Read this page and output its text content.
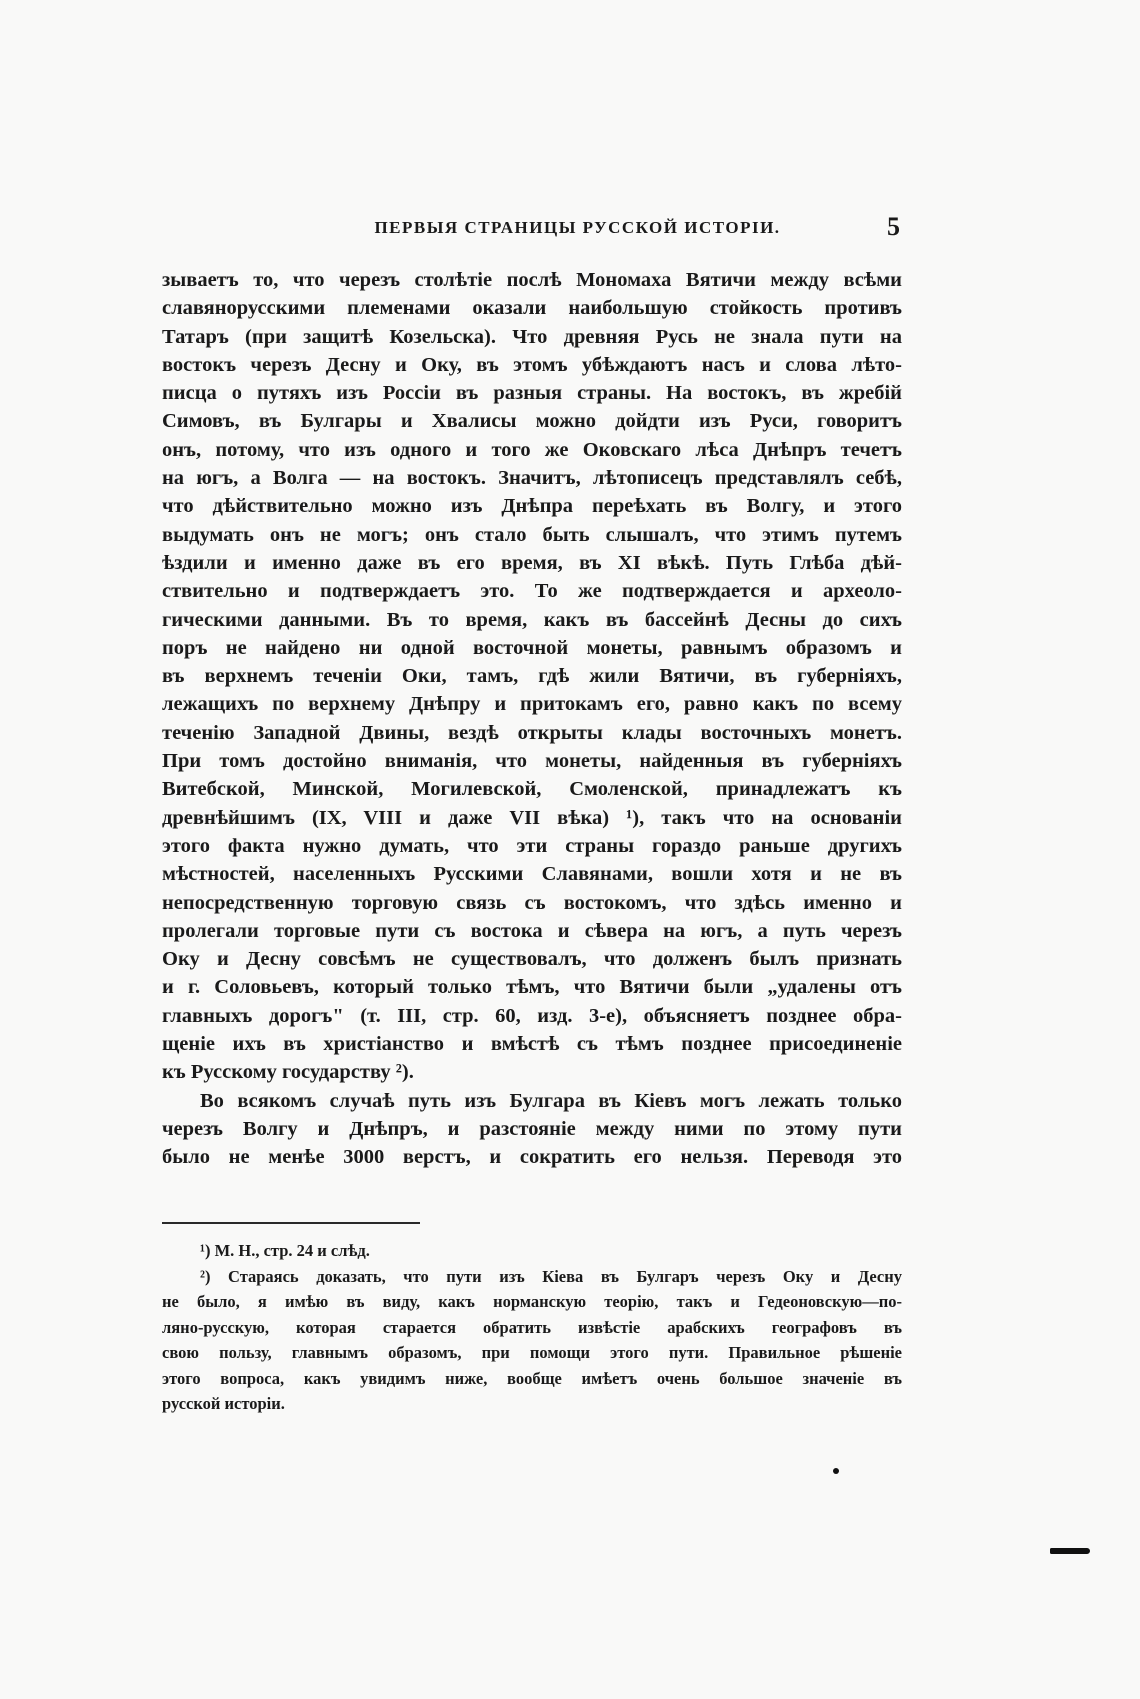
ПЕРВЫЯ СТРАНИЦЫ РУССКОЙ ИСТОРІИ.	5
зываетъ то, что черезъ столѣтіе послѣ Мономаха Вятичи между всѣми
славянорусскими племенами оказали наибольшую стойкость противъ
Татаръ (при защитѣ Козельска). Что древняя Русь не знала пути на
востокъ черезъ Десну и Оку, въ этомъ убѣждаютъ насъ и слова лѣто-
писца о путяхъ изъ Россіи въ разныя страны. На востокъ, въ жребій
Симовъ, въ Булгары и Хвалисы можно дойдти изъ Руси, говоритъ
онъ, потому, что изъ одного и того же Оковскаго лѣса Днѣпръ течетъ
на югъ, а Волга — на востокъ. Значитъ, лѣтописецъ представлялъ себѣ,
что дѣйствительно можно изъ Днѣпра переѣхать въ Волгу, и этого
выдумать онъ не могъ; онъ стало быть слышалъ, что этимъ путемъ
ѣздили и именно даже въ его время, въ XI вѣкѣ. Путь Глѣба дѣй-
ствительно и подтверждаетъ это. То же подтверждается и археоло-
гическими данными. Въ то время, какъ въ бассейнѣ Десны до сихъ
поръ не найдено ни одной восточной монеты, равнымъ образомъ и
въ верхнемъ теченіи Оки, тамъ, гдѣ жили Вятичи, въ губерніяхъ,
лежащихъ по верхнему Днѣпру и притокамъ его, равно какъ по всему
теченію Западной Двины, вездѣ открыты клады восточныхъ монетъ.
При томъ достойно вниманія, что монеты, найденныя въ губерніяхъ
Витебской, Минской, Могилевской, Смоленской, принадлежатъ къ
древнѣйшимъ (IX, VIII и даже VII вѣка) ¹), такъ что на основаніи
этого факта нужно думать, что эти страны гораздо раньше другихъ
мѣстностей, населенныхъ Русскими Славянами, вошли хотя и не въ
непосредственную торговую связь съ востокомъ, что здѣсь именно и
пролегали торговые пути съ востока и сѣвера на югъ, а путь черезъ
Оку и Десну совсѣмъ не существовалъ, что долженъ былъ признать
и г. Соловьевъ, который только тѣмъ, что Вятичи были „удалены отъ
главныхъ дорогъ" (т. III, стр. 60, изд. 3-е), объясняетъ позднее обра-
щеніе ихъ въ христіанство и вмѣстѣ съ тѣмъ позднее присоединеніе
къ Русскому государству ²).
Во всякомъ случаѣ путь изъ Булгара въ Кіевъ могъ лежать только
черезъ Волгу и Днѣпръ, и разстояніе между ними по этому пути
было не менѣе 3000 верстъ, и сократить его нельзя. Переводя это
¹) М. Н., стр. 24 и слѣд.
²) Стараясь доказать, что пути изъ Кіева въ Булгаръ черезъ Оку и Десну
не было, я имѣю въ виду, какъ норманскую теорію, такъ и Гедеоновскую—по-
ляно-русскую, которая старается обратить извѣстіе арабскихъ географовъ въ
свою пользу, главнымъ образомъ, при помощи этого пути. Правильное рѣшеніе
этого вопроса, какъ увидимъ ниже, вообще имѣетъ очень большое значеніе въ
русской исторіи.
